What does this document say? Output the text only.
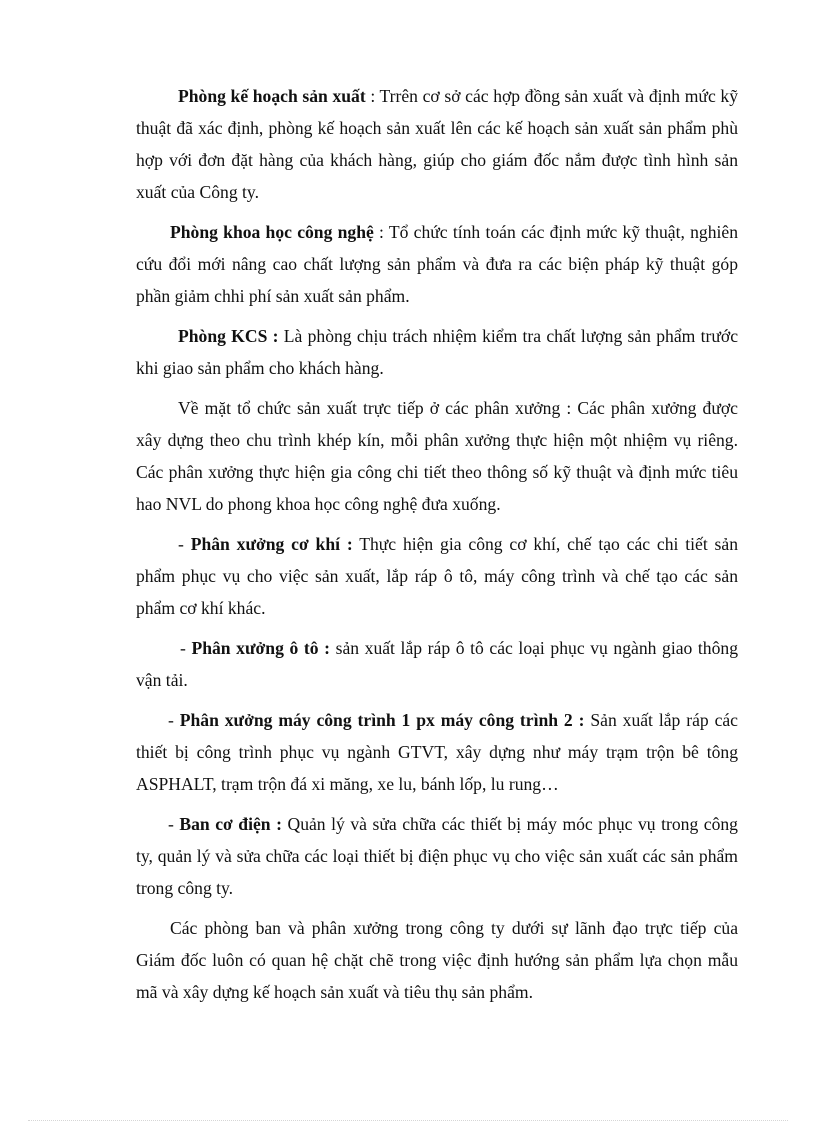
Phòng kế hoạch sản xuất : Trrên cơ sở các hợp đồng sản xuất và định mức kỹ thuật đã xác định, phòng kế hoạch sản xuất lên các kế hoạch sản xuất sản phẩm phù hợp với đơn đặt hàng của khách hàng, giúp cho giám đốc nắm được tình hình sản xuất của Công ty.

Phòng khoa học công nghệ : Tổ chức tính toán các định mức kỹ thuật, nghiên cứu đổi mới nâng cao chất lượng sản phẩm và đưa ra các biện pháp kỹ thuật góp phần giảm chhi phí sản xuất sản phẩm.

Phòng KCS : Là phòng chịu trách nhiệm kiểm tra chất lượng sản phẩm trước khi giao sản phẩm cho khách hàng.

Về mặt tổ chức sản xuất trực tiếp ở các phân xưởng : Các phân xưởng được xây dựng theo chu trình khép kín, mỗi phân xưởng thực hiện một nhiệm vụ riêng. Các phân xưởng thực hiện gia công chi tiết theo thông số kỹ thuật và định mức tiêu hao NVL do phong khoa học công nghệ đưa xuống.

- Phân xưởng cơ khí : Thực hiện gia công cơ khí, chế tạo các chi tiết sản phẩm phục vụ cho việc sản xuất, lắp ráp ô tô, máy công trình và chế tạo các sản phẩm cơ khí khác.

- Phân xưởng ô tô : sản xuất lắp ráp ô tô các loại phục vụ ngành giao thông vận tải.

- Phân xưởng máy công trình 1 px máy công trình 2 : Sản xuất lắp ráp các thiết bị công trình phục vụ ngành GTVT, xây dựng như máy trạm trộn bê tông ASPHALT, trạm trộn đá xi măng, xe lu, bánh lốp, lu rung…

- Ban cơ điện : Quản lý và sửa chữa các thiết bị máy móc phục vụ trong công ty, quản lý và sửa chữa các loại thiết bị điện phục vụ cho việc sản xuất các sản phẩm trong công ty.

Các phòng ban và phân xưởng trong công ty dưới sự lãnh đạo trực tiếp của Giám đốc luôn có quan hệ chặt chẽ trong việc định hướng sản phẩm lựa chọn mẫu mã và xây dựng kế hoạch sản xuất và tiêu thụ sản phẩm.
